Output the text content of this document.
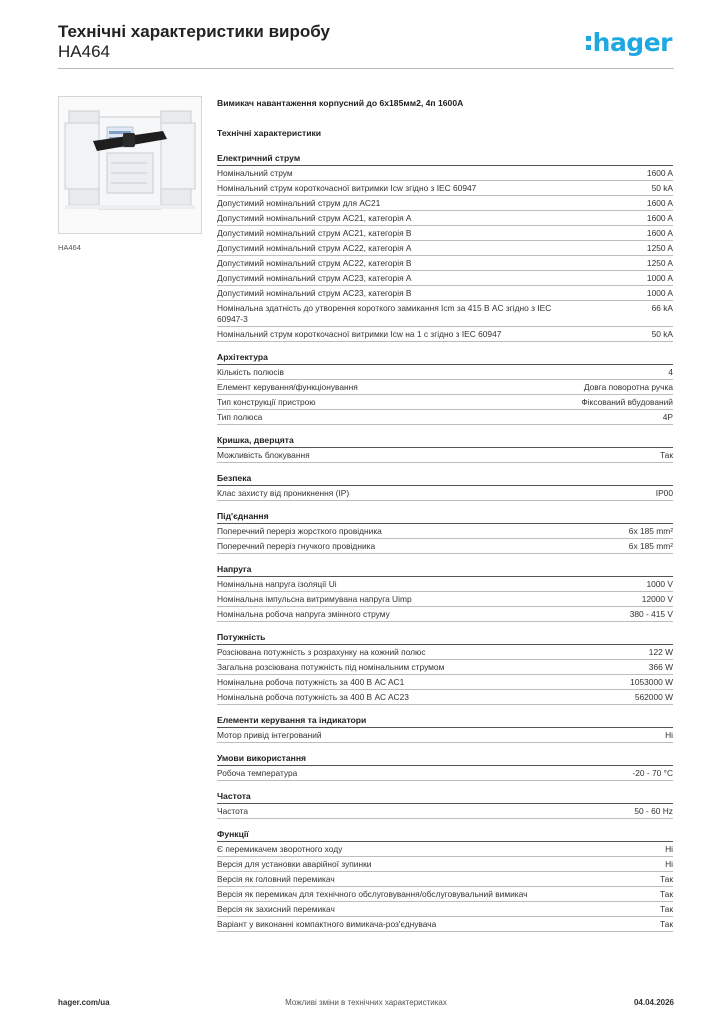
Технічні характеристики виробу
HA464	hager
HA464
Вимикач навантаження корпусний до 6х185мм2, 4п 1600А
Технічні характеристики
Електричний струм
Номінальний струм	1600 A
Номінальний струм короткочасної витримки Icw згідно з IEC 60947	50 kA
Допустимий номінальний струм для AC21	1600 A
Допустимий номінальний струм AC21, категорія A	1600 A
Допустимий номінальний струм AC21, категорія B	1600 A
Допустимий номінальний струм AC22, категорія A	1250 A
Допустимий номінальний струм AC22, категорія B	1250 A
Допустимий номінальний струм AC23, категорія A	1000 A
Допустимий номінальний струм AC23, категорія B	1000 A
Номінальна здатність до утворення короткого замикання Icm за 415 В AC згідно з IEC 60947-3
66 kA
Номінальний струм короткочасної витримки Icw на 1 с згідно з IEC 60947	50 kA
Архітектура
Кількість полюсів	4
Елемент керування/функціонування	Довга поворотна ручка
Тип конструкції пристрою	Фіксований вбудований
Тип полюса	4P
Кришка, дверцята
Можливість блокування	Так
Безпека
Клас захисту від проникнення (IP)	IP00
Під'єднання
Поперечний переріз жорсткого провідника	6x 185 mm²
Поперечний переріз гнучкого провідника	6x 185 mm²
Напруга
Номінальна напруга ізоляції Ui	1000 V
Номінальна імпульсна витримувана напруга Uimp	12000 V
Номінальна робоча напруга змінного струму	380 - 415 V
Потужність
Розсіювана потужність з розрахунку на кожний полюс	122 W
Загальна розсіювана потужність під номінальним струмом	366 W
Номінальна робоча потужність за 400 В AC AC1	1053000 W
Номінальна робоча потужність за 400 В AC AC23	562000 W
Елементи керування та індикатори
Мотор привід інтегрований	Ні
Умови використання
Робоча температура	-20 - 70 °C
Частота
Частота	50 - 60 Hz
Функції
Є перемикачем зворотного ходу	Ні
Версія для установки аварійної зупинки	Ні
Версія як головний перемикач	Так
Версія як перемикач для технічного обслуговування/обслуговувальний вимикач	Так
Версія як захисний перемикач	Так
Варіант у виконанні компактного вимикача-роз'єднувача	Так
hager.com/ua	Можливі зміни в технічних характеристиках	04.04.2026
